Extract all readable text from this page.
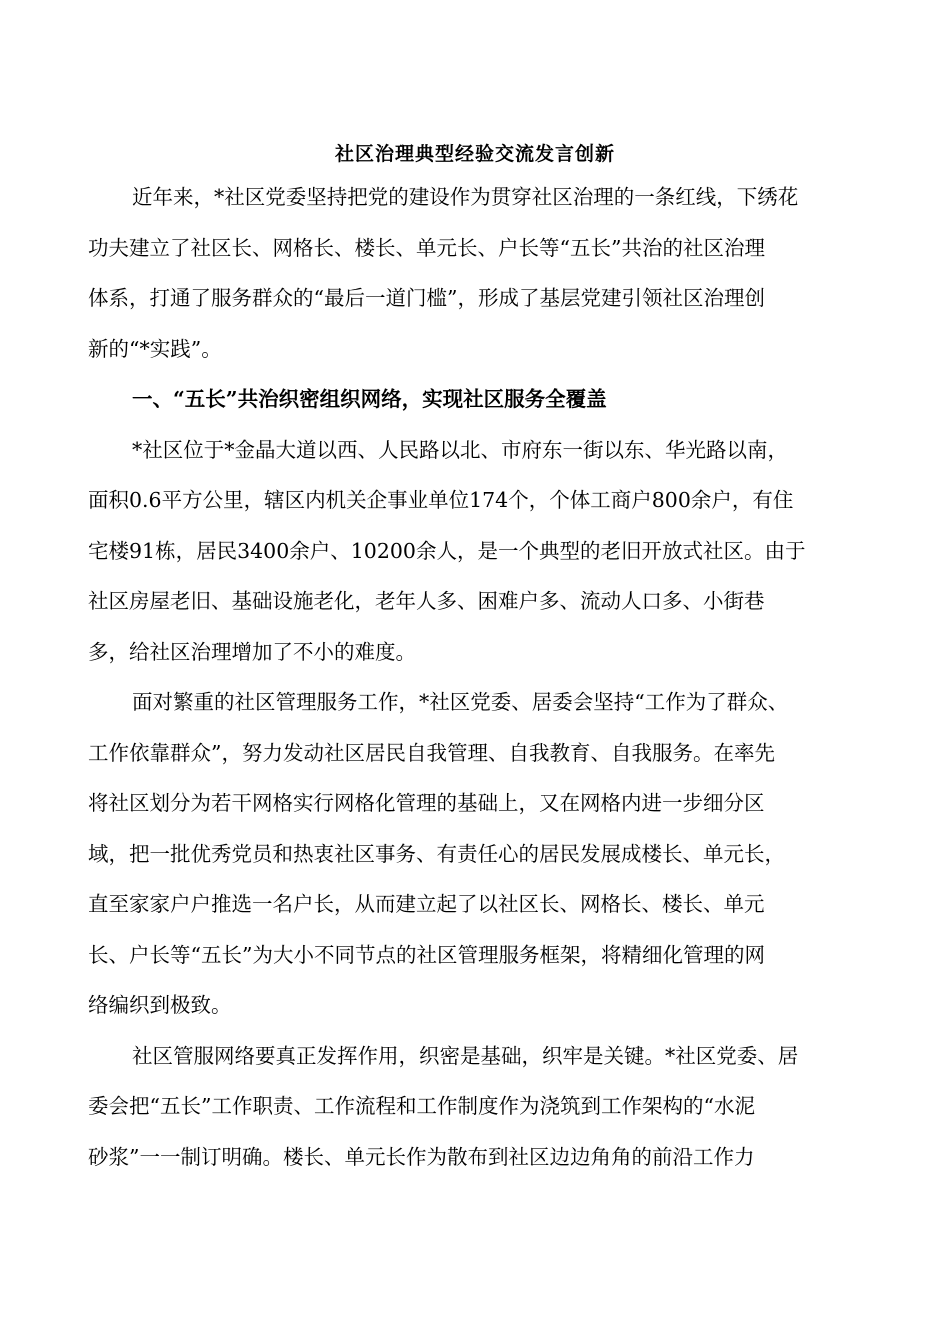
社区治理典型经验交流发言创新
近年来，*社区党委坚持把党的建设作为贯穿社区治理的一条红线，下绣花
功夫建立了社区长、网格长、楼长、单元长、户长等“五长”共治的社区治理
体系，打通了服务群众的“最后一道门槛”，形成了基层党建引领社区治理创
新的“*实践”。
一、“五长”共治织密组织网络，实现社区服务全覆盖
*社区位于*金晶大道以西、人民路以北、市府东一街以东、华光路以南，
面积0.6平方公里，辖区内机关企事业单位174个，个体工商户800余户，有住
宅楼91栋，居民3400余户、10200余人，是一个典型的老旧开放式社区。由于
社区房屋老旧、基础设施老化，老年人多、困难户多、流动人口多、小街巷
多，给社区治理增加了不小的难度。
面对繁重的社区管理服务工作，*社区党委、居委会坚持“工作为了群众、
工作依靠群众”，努力发动社区居民自我管理、自我教育、自我服务。在率先
将社区划分为若干网格实行网格化管理的基础上，又在网格内进一步细分区
域，把一批优秀党员和热衷社区事务、有责任心的居民发展成楼长、单元长，
直至家家户户推选一名户长，从而建立起了以社区长、网格长、楼长、单元
长、户长等“五长”为大小不同节点的社区管理服务框架，将精细化管理的网
络编织到极致。
社区管服网络要真正发挥作用，织密是基础，织牢是关键。*社区党委、居
委会把“五长”工作职责、工作流程和工作制度作为浇筑到工作架构的“水泥
砂浆”一一制订明确。楼长、单元长作为散布到社区边边角角的前沿工作力
